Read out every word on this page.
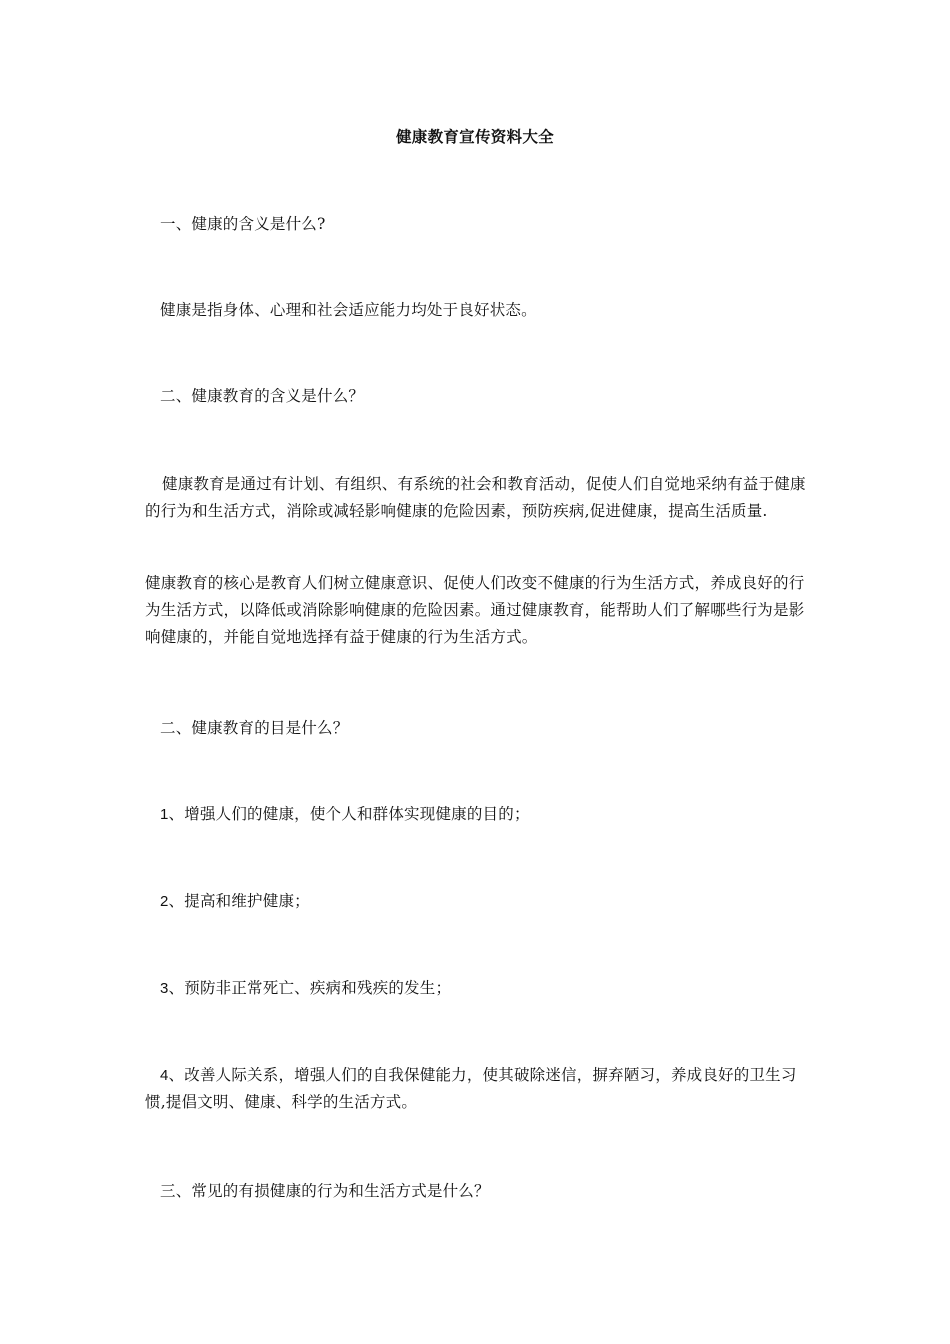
健康教育宣传资料大全

一、健康的含义是什么?

健康是指身体、心理和社会适应能力均处于良好状态。

二、健康教育的含义是什么？

健康教育是通过有计划、有组织、有系统的社会和教育活动，促使人们自觉地采纳有益于健康的行为和生活方式，消除或减轻影响健康的危险因素，预防疾病,促进健康，提高生活质量.

健康教育的核心是教育人们树立健康意识、促使人们改变不健康的行为生活方式，养成良好的行为生活方式，以降低或消除影响健康的危险因素。通过健康教育，能帮助人们了解哪些行为是影响健康的，并能自觉地选择有益于健康的行为生活方式。

二、健康教育的目是什么？

1、增强人们的健康，使个人和群体实现健康的目的；

2、提高和维护健康；

3、预防非正常死亡、疾病和残疾的发生；

4、改善人际关系，增强人们的自我保健能力，使其破除迷信，摒弃陋习，养成良好的卫生习惯,提倡文明、健康、科学的生活方式。

三、常见的有损健康的行为和生活方式是什么？
